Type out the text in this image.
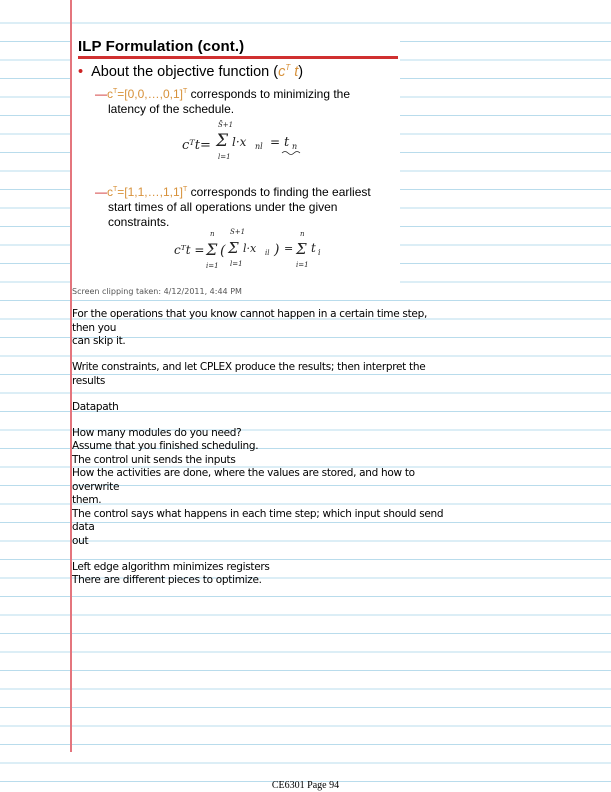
ILP Formulation (cont.)
• About the objective function ($c^T$ t)
$—c^T=[0,0,\dots,0,1]^T$ corresponds to minimizing the
latency of the schedule.
cᵀt=
S̄+1
Σ
l=1
l·x nl = t n
$—c^T=[1,1,\dots,1,1]^T$ corresponds to finding the earliest
start times of all operations under the given
constraints.
cᵀt =
n
Σ
i=1
(
S̄+1
Σ
l=1
l·x il ) =
n
Σ
i=1
t i
Screen clipping taken: 4/12/2011, 4:44 PM

For the operations that you know cannot happen in a certain time step, then you

can skip it.

Write constraints, and let CPLEX produce the results; then interpret the results

Datapath

How many modules do you need?

Assume that you finished scheduling.

The control unit sends the inputs

How the activities are done, where the values are stored, and how to overwrite

them.

The control says what happens in each time step; which input should send data

out

Left edge algorithm minimizes registers

There are different pieces to optimize.

CE6301 Page 94
